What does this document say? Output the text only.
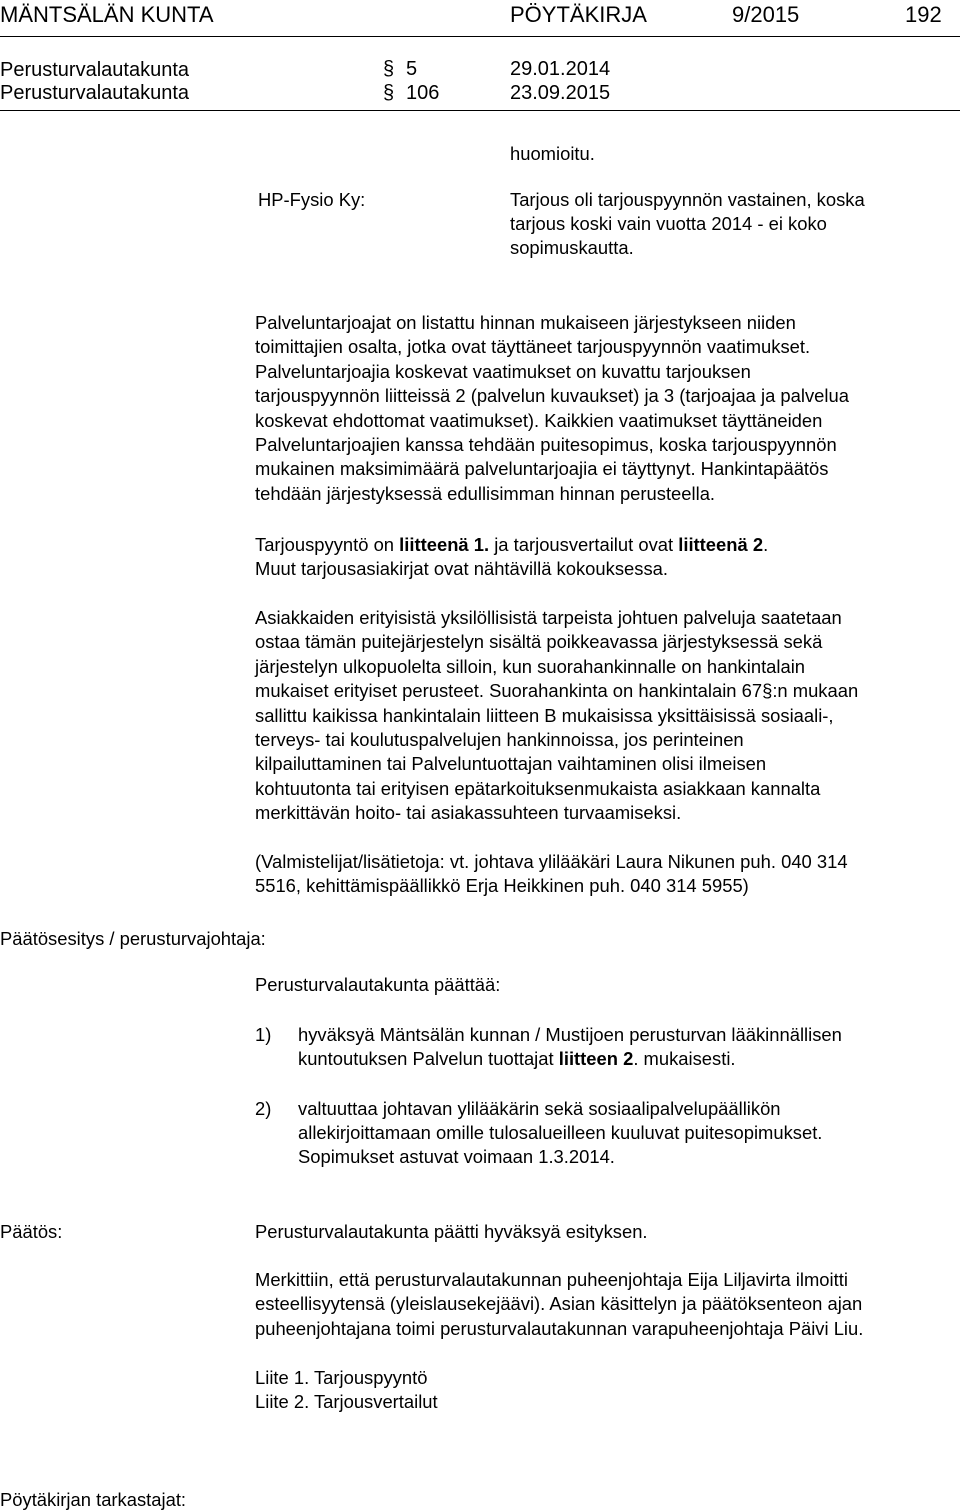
MÄNTSÄLÄN KUNTA	PÖYTÄKIRJA	9/2015	192
Perusturvalautakunta	§ 5	29.01.2014
Perusturvalautakunta	§ 106	23.09.2015
huomioitu.
HP-Fysio Ky:	Tarjous oli tarjouspyynnön vastainen, koska
tarjous koski vain vuotta 2014 - ei koko
sopimuskautta.
Palveluntarjoajat on listattu hinnan mukaiseen järjestykseen niiden
toimittajien osalta, jotka ovat täyttäneet tarjouspyynnön vaatimukset.
Palveluntarjoajia koskevat vaatimukset on kuvattu tarjouksen
tarjouspyynnön liitteissä 2 (palvelun kuvaukset) ja 3 (tarjoajaa ja palvelua
koskevat ehdottomat vaatimukset). Kaikkien vaatimukset täyttäneiden
Palveluntarjoajien kanssa tehdään puitesopimus, koska tarjouspyynnön
mukainen maksimimäärä palveluntarjoajia ei täyttynyt. Hankintapäätös
tehdään järjestyksessä edullisimman hinnan perusteella.
Tarjouspyyntö on liitteenä 1. ja tarjousvertailut ovat liitteenä 2.
Muut tarjousasiakirjat ovat nähtävillä kokouksessa.
Asiakkaiden erityisistä yksilöllisistä tarpeista johtuen palveluja saatetaan
ostaa tämän puitejärjestelyn sisältä poikkeavassa järjestyksessä sekä
järjestelyn ulkopuolelta silloin, kun suorahankinnalle on hankintalain
mukaiset erityiset perusteet. Suorahankinta on hankintalain 67§:n mukaan
sallittu kaikissa hankintalain liitteen B mukaisissa yksittäisissä sosiaali-,
terveys- tai koulutuspalvelujen hankinnoissa, jos perinteinen
kilpailuttaminen tai Palveluntuottajan vaihtaminen olisi ilmeisen
kohtuutonta tai erityisen epätarkoituksenmukaista asiakkaan kannalta
merkittävän hoito- tai asiakassuhteen turvaamiseksi.
(Valmistelijat/lisätietoja: vt. johtava ylilääkäri Laura Nikunen puh. 040 314
5516, kehittämispäällikkö Erja Heikkinen puh. 040 314 5955)
Päätösesitys / perusturvajohtaja:
Perusturvalautakunta päättää:
1) hyväksyä Mäntsälän kunnan / Mustijoen perusturvan lääkinnällisen
kuntoutuksen Palvelun tuottajat liitteen 2. mukaisesti.
2) valtuuttaa johtavan ylilääkärin sekä sosiaalipalvelupäällikön
allekirjoittamaan omille tulosalueilleen kuuluvat puitesopimukset.
Sopimukset astuvat voimaan 1.3.2014.
Päätös:	Perusturvalautakunta päätti hyväksyä esityksen.
Merkittiin, että perusturvalautakunnan puheenjohtaja Eija Liljavirta ilmoitti
esteellisyytensä (yleislausekejäävi). Asian käsittelyn ja päätöksenteon ajan
puheenjohtajana toimi perusturvalautakunnan varapuheenjohtaja Päivi Liu.
Liite 1. Tarjouspyyntö
Liite 2. Tarjousvertailut
Pöytäkirjan tarkastajat:
